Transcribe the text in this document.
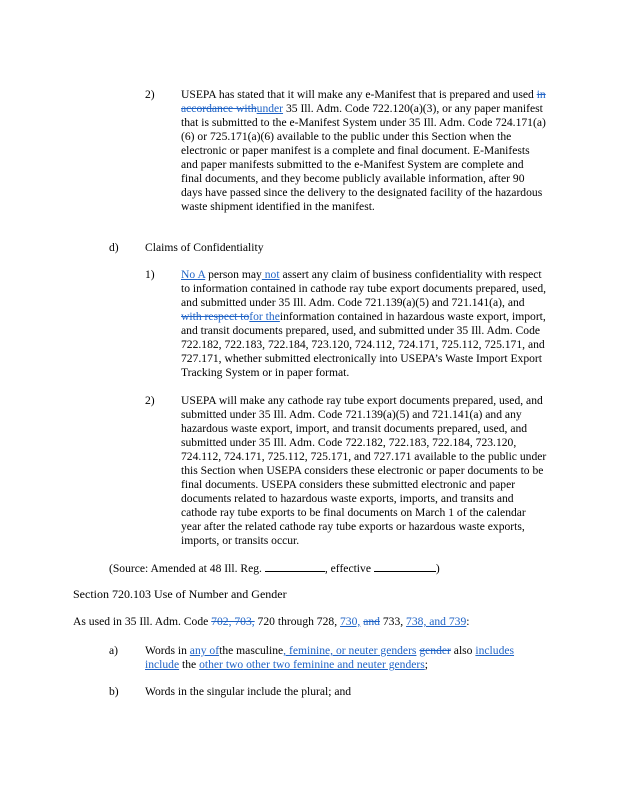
2) USEPA has stated that it will make any e-Manifest that is prepared and used in accordance withunder 35 Ill. Adm. Code 722.120(a)(3), or any paper manifest that is submitted to the e-Manifest System under 35 Ill. Adm. Code 724.171(a)(6) or 725.171(a)(6) available to the public under this Section when the electronic or paper manifest is a complete and final document. E-Manifests and paper manifests submitted to the e-Manifest System are complete and final documents, and they become publicly available information, after 90 days have passed since the delivery to the designated facility of the hazardous waste shipment identified in the manifest.
d) Claims of Confidentiality
1) No A person may not assert any claim of business confidentiality with respect to information contained in cathode ray tube export documents prepared, used, and submitted under 35 Ill. Adm. Code 721.139(a)(5) and 721.141(a), and with respect tofor theinformation contained in hazardous waste export, import, and transit documents prepared, used, and submitted under 35 Ill. Adm. Code 722.182, 722.183, 722.184, 723.120, 724.112, 724.171, 725.112, 725.171, and 727.171, whether submitted electronically into USEPA’s Waste Import Export Tracking System or in paper format.
2) USEPA will make any cathode ray tube export documents prepared, used, and submitted under 35 Ill. Adm. Code 721.139(a)(5) and 721.141(a) and any hazardous waste export, import, and transit documents prepared, used, and submitted under 35 Ill. Adm. Code 722.182, 722.183, 722.184, 723.120, 724.112, 724.171, 725.112, 725.171, and 727.171 available to the public under this Section when USEPA considers these electronic or paper documents to be final documents. USEPA considers these submitted electronic and paper documents related to hazardous waste exports, imports, and transits and cathode ray tube exports to be final documents on March 1 of the calendar year after the related cathode ray tube exports or hazardous waste exports, imports, or transits occur.
(Source: Amended at 48 Ill. Reg.	, effective	)
Section 720.103 Use of Number and Gender
As used in 35 Ill. Adm. Code 702, 703, 720 through 728, 730, and 733, 738, and 739:
a) Words in any ofthe masculine, feminine, or neuter genders gender also includes include the other two other two feminine and neuter genders;
b) Words in the singular include the plural; and
